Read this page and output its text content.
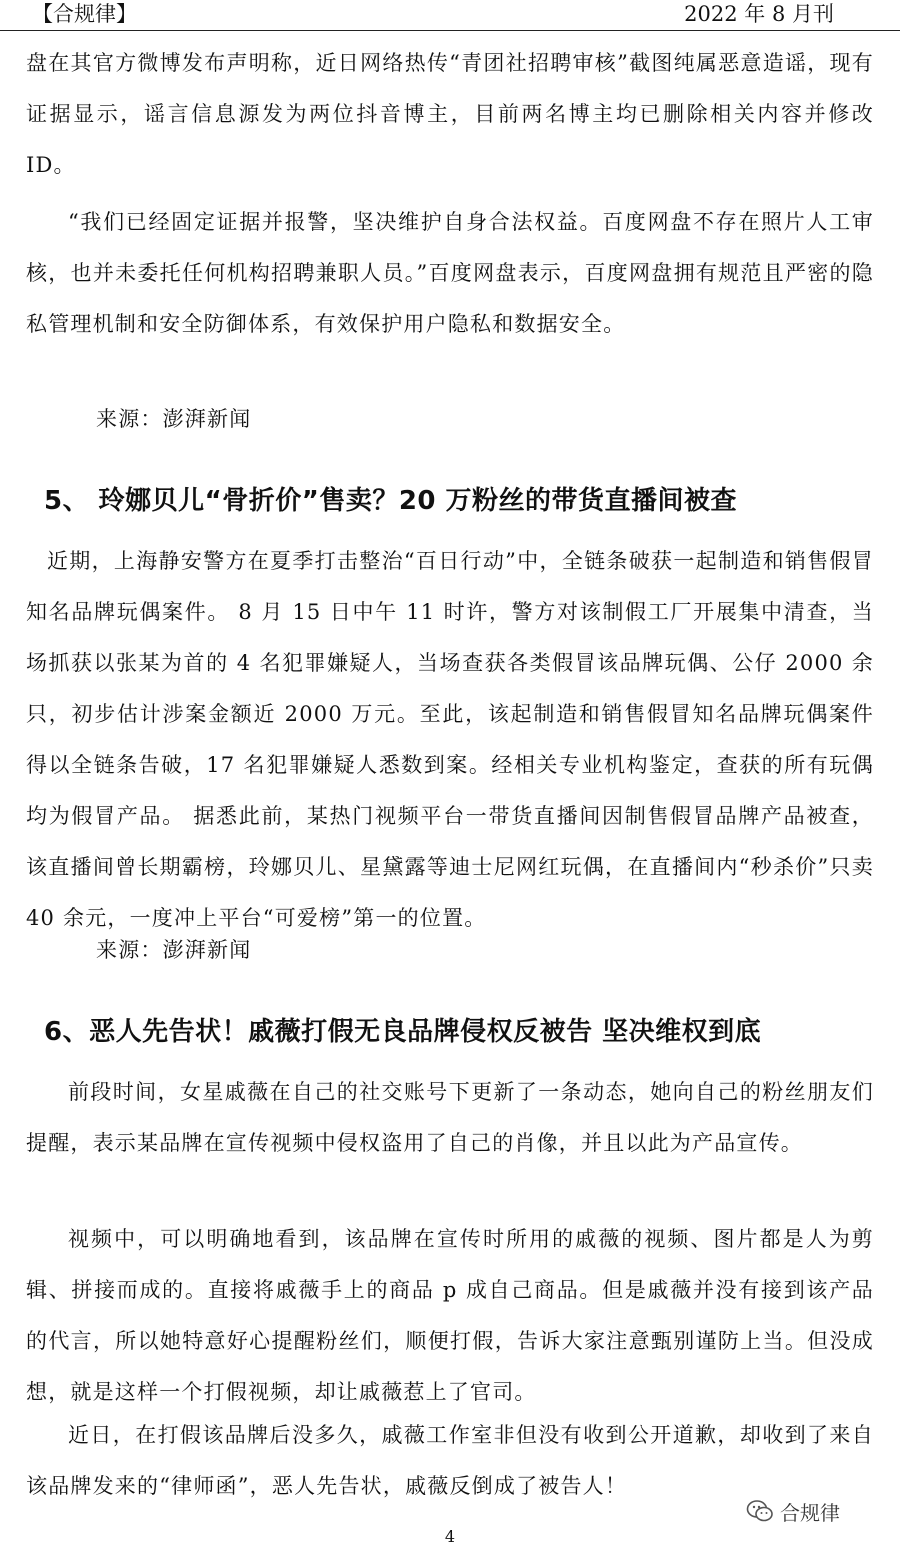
【合规律】	2022 年 8 月刊

盘在其官方微博发布声明称，近日网络热传“青团社招聘审核”截图纯属恶意造谣，现有证据显示，谣言信息源发为两位抖音博主，目前两名博主均已删除相关内容并修改 ID。

“我们已经固定证据并报警，坚决维护自身合法权益。百度网盘不存在照片人工审核，也并未委托任何机构招聘兼职人员。”百度网盘表示，百度网盘拥有规范且严密的隐私管理机制和安全防御体系，有效保护用户隐私和数据安全。

来源：澎湃新闻

5、 玲娜贝儿“骨折价”售卖？20 万粉丝的带货直播间被查

近期，上海静安警方在夏季打击整治“百日行动”中，全链条破获一起制造和销售假冒知名品牌玩偶案件。 8 月 15 日中午 11 时许，警方对该制假工厂开展集中清查，当场抓获以张某为首的 4 名犯罪嫌疑人，当场查获各类假冒该品牌玩偶、公仔 2000 余只，初步估计涉案金额近 2000 万元。至此，该起制造和销售假冒知名品牌玩偶案件得以全链条告破，17 名犯罪嫌疑人悉数到案。经相关专业机构鉴定，查获的所有玩偶均为假冒产品。 据悉此前，某热门视频平台一带货直播间因制售假冒品牌产品被查，该直播间曾长期霸榜，玲娜贝儿、星黛露等迪士尼网红玩偶，在直播间内“秒杀价”只卖 40 余元，一度冲上平台“可爱榜”第一的位置。

来源：澎湃新闻

6、恶人先告状！戚薇打假无良品牌侵权反被告 坚决维权到底

前段时间，女星戚薇在自己的社交账号下更新了一条动态，她向自己的粉丝朋友们提醒，表示某品牌在宣传视频中侵权盗用了自己的肖像，并且以此为产品宣传。

视频中，可以明确地看到，该品牌在宣传时所用的戚薇的视频、图片都是人为剪辑、拼接而成的。直接将戚薇手上的商品 p 成自己商品。但是戚薇并没有接到该产品的代言，所以她特意好心提醒粉丝们，顺便打假，告诉大家注意甄别谨防上当。但没成想，就是这样一个打假视频，却让戚薇惹上了官司。

近日，在打假该品牌后没多久，戚薇工作室非但没有收到公开道歉，却收到了来自该品牌发来的“律师函”，恶人先告状，戚薇反倒成了被告人！

合规律
4
